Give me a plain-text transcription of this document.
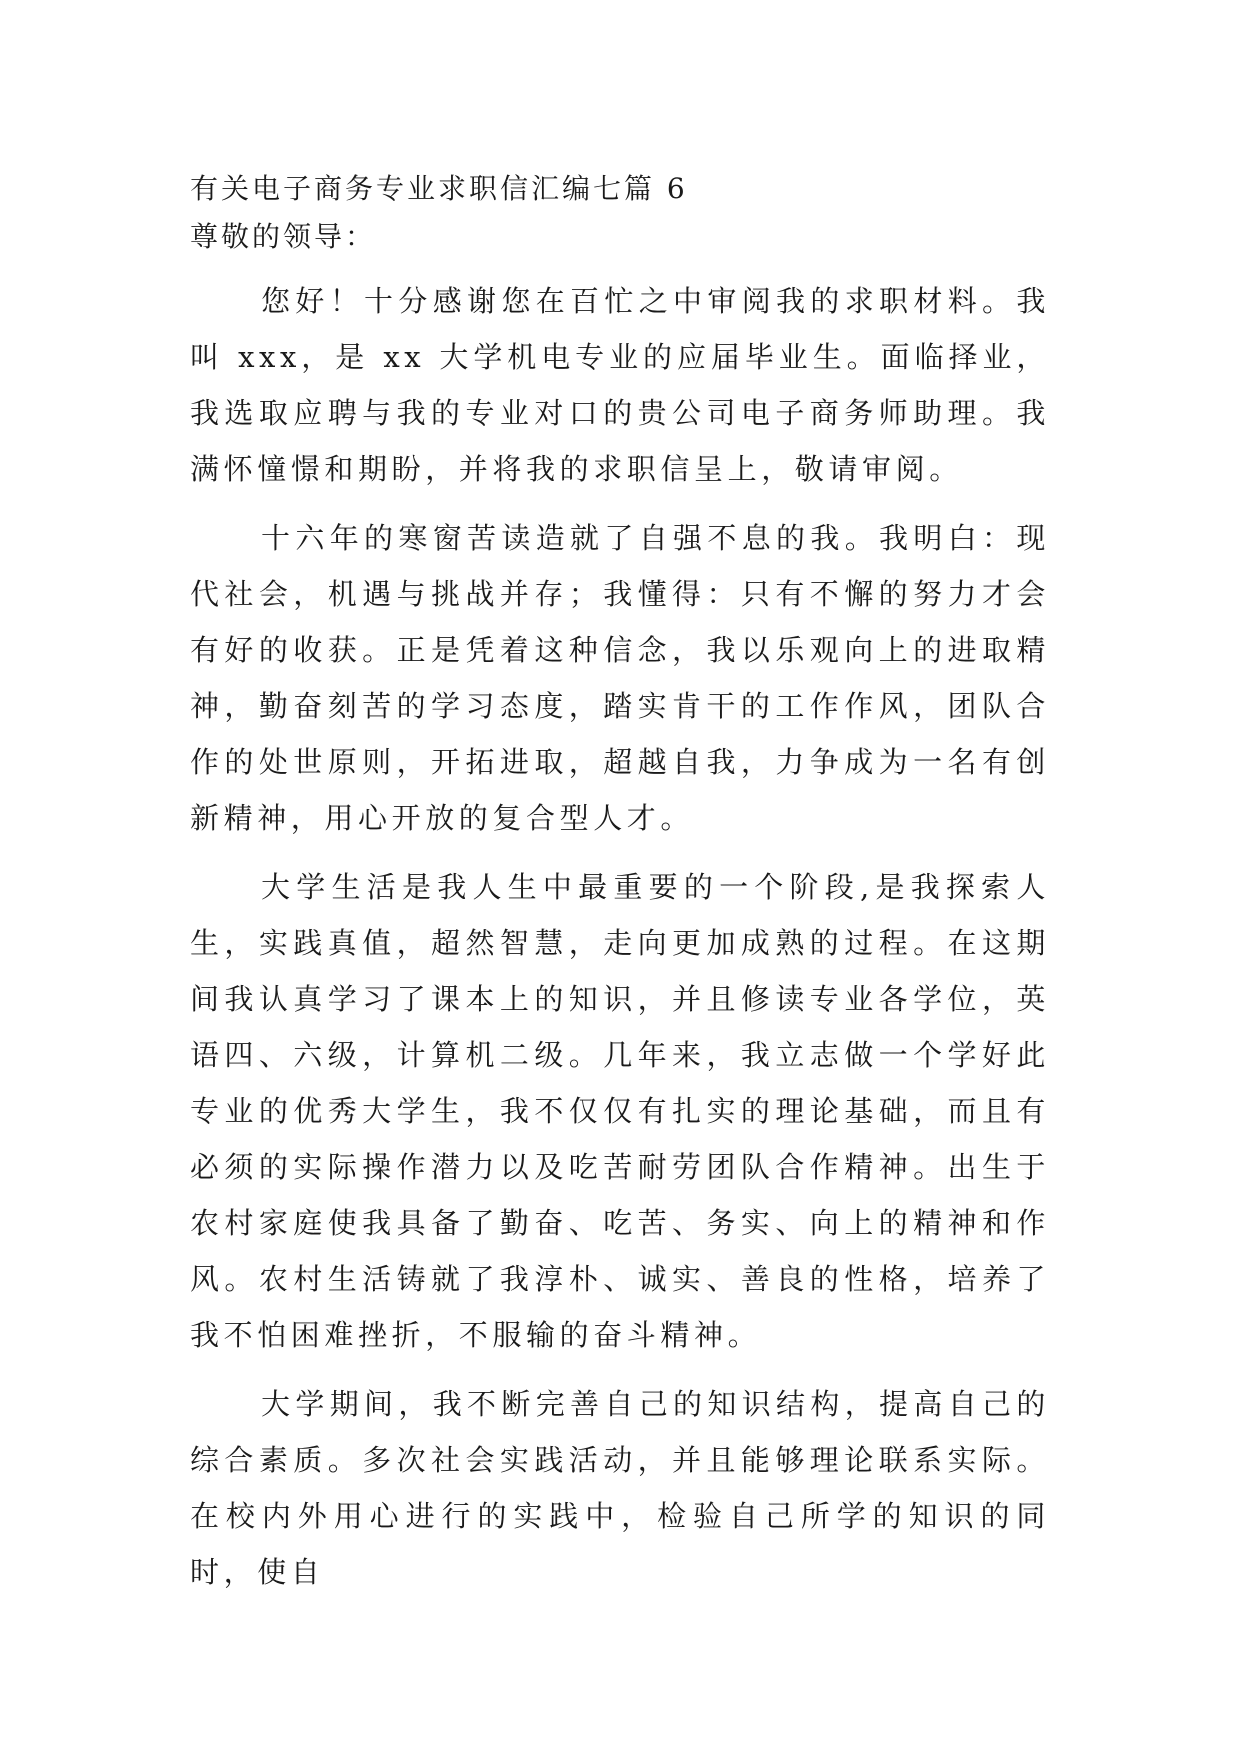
有关电子商务专业求职信汇编七篇 6

尊敬的领导：

您好！十分感谢您在百忙之中审阅我的求职材料。我叫 xxx，是 xx 大学机电专业的应届毕业生。面临择业，我选取应聘与我的专业对口的贵公司电子商务师助理。我满怀憧憬和期盼，并将我的求职信呈上，敬请审阅。

十六年的寒窗苦读造就了自强不息的我。我明白：现代社会，机遇与挑战并存；我懂得：只有不懈的努力才会有好的收获。正是凭着这种信念，我以乐观向上的进取精神，勤奋刻苦的学习态度，踏实肯干的工作作风，团队合作的处世原则，开拓进取，超越自我，力争成为一名有创新精神，用心开放的复合型人才。

大学生活是我人生中最重要的一个阶段,是我探索人生，实践真值，超然智慧，走向更加成熟的过程。在这期间我认真学习了课本上的知识，并且修读专业各学位，英语四、六级，计算机二级。几年来，我立志做一个学好此专业的优秀大学生，我不仅仅有扎实的理论基础，而且有必须的实际操作潜力以及吃苦耐劳团队合作精神。出生于农村家庭使我具备了勤奋、吃苦、务实、向上的精神和作风。农村生活铸就了我淳朴、诚实、善良的性格，培养了我不怕困难挫折，不服输的奋斗精神。

大学期间，我不断完善自己的知识结构，提高自己的综合素质。多次社会实践活动，并且能够理论联系实际。在校内外用心进行的实践中，检验自己所学的知识的同时，使自
